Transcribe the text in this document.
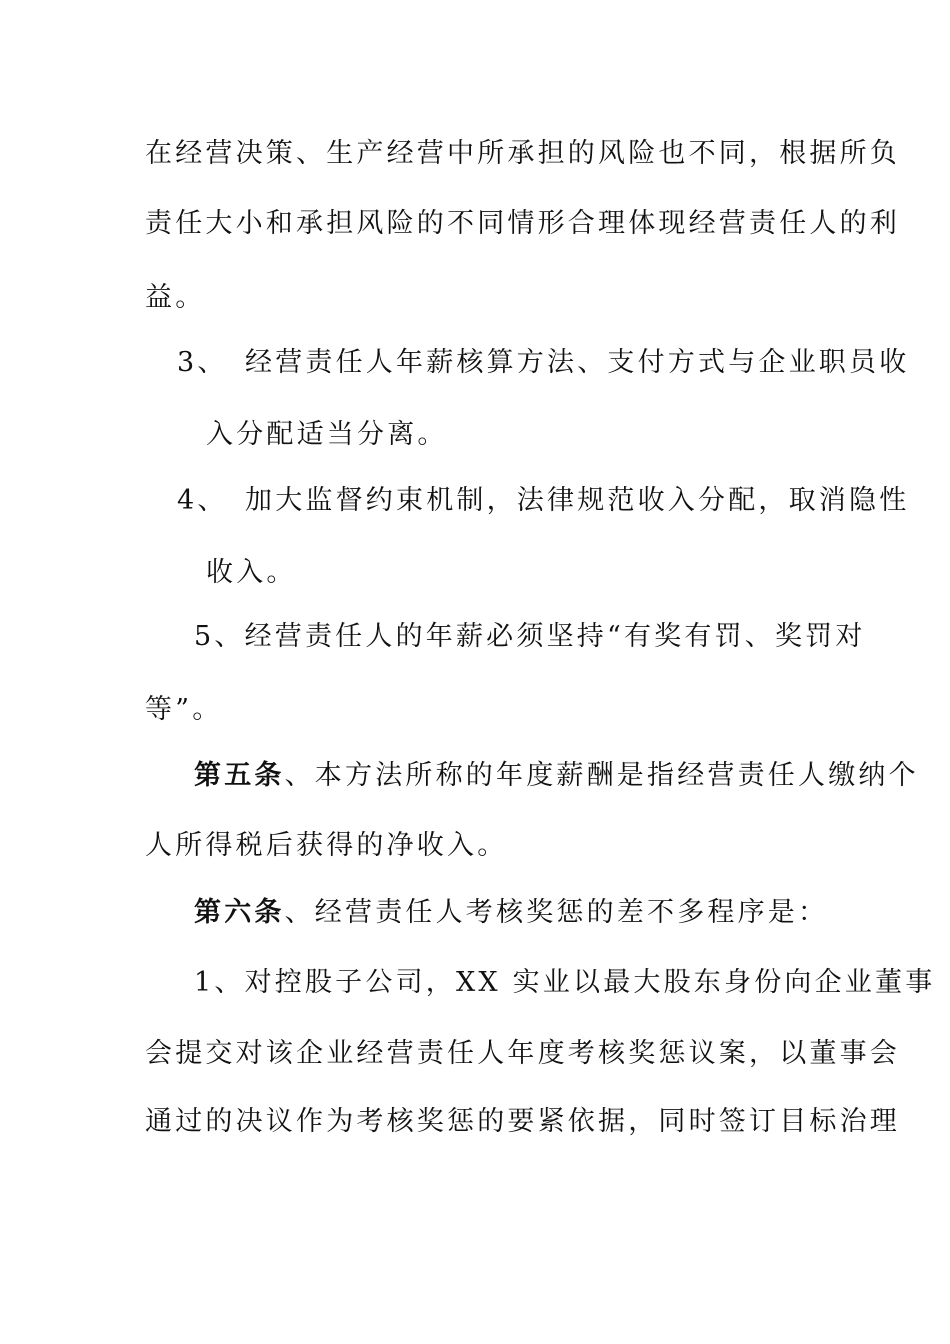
在经营决策、生产经营中所承担的风险也不同，根据所负
责任大小和承担风险的不同情形合理体现经营责任人的利
益。
3、 经营责任人年薪核算方法、支付方式与企业职员收
入分配适当分离。
4、 加大监督约束机制，法律规范收入分配，取消隐性
收入。
5、经营责任人的年薪必须坚持“有奖有罚、奖罚对
等”。
第五条、本方法所称的年度薪酬是指经营责任人缴纳个
人所得税后获得的净收入。
第六条、经营责任人考核奖惩的差不多程序是：
1、对控股子公司，XX 实业以最大股东身份向企业董事
会提交对该企业经营责任人年度考核奖惩议案，以董事会
通过的决议作为考核奖惩的要紧依据，同时签订目标治理
